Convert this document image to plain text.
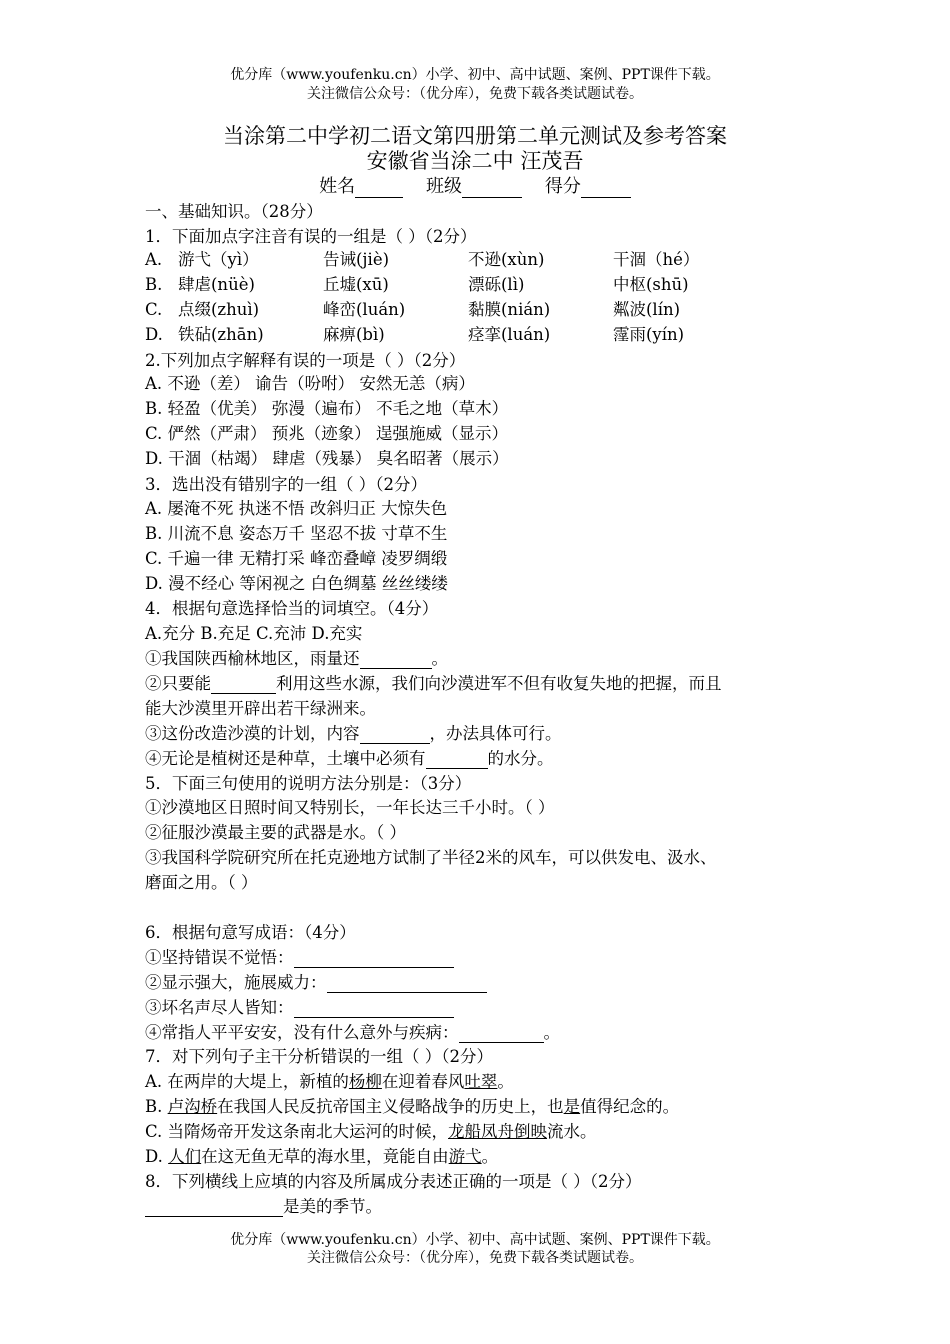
优分库（www.youfenku.cn）小学、初中、高中试题、案例、PPT课件下载。
关注微信公众号：（优分库），免费下载各类试题试卷。
当涂第二中学初二语文第四册第二单元测试及参考答案
安徽省当涂二中 汪茂吾
姓名	班级	得分
一、基础知识。（28分）
1．下面加点字注音有误的一组是（ ）（2分）
A. 游弋（yì）	告诫(jiè)	不逊(xùn)	干涸（hé）
B. 肆虐(nüè)	丘墟(xū)	漂砾(lì)	中枢(shū)
C. 点缀(zhuì)	峰峦(luán)	黏膜(nián)	粼波(lín)
D. 铁砧(zhān)	麻痹(bì)	痉挛(luán)	霪雨(yín)
2.下列加点字解释有误的一项是（ ）（2分）
A. 不逊（差） 谕告（吩咐） 安然无恙（病）
B. 轻盈（优美） 弥漫（遍布） 不毛之地（草木）
C. 俨然（严肃） 预兆（迹象） 逞强施威（显示）
D. 干涸（枯竭） 肆虐（残暴） 臭名昭著（展示）
3．选出没有错别字的一组（ ）（2分）
A. 屡淹不死 执迷不悟 改斜归正 大惊失色
B. 川流不息 姿态万千 坚忍不拔 寸草不生
C. 千遍一律 无精打采 峰峦叠嶂 凌罗绸缎
D. 漫不经心 等闲视之 白色绸墓 丝丝缕缕
4．根据句意选择恰当的词填空。（4分）
A.充分 B.充足 C.充沛 D.充实
①我国陕西榆林地区，雨量还	。
②只要能	利用这些水源，我们向沙漠进军不但有收复失地的把握，而且
能大沙漠里开辟出若干绿洲来。
③这份改造沙漠的计划，内容	，办法具体可行。
④无论是植树还是种草，土壤中必须有	的水分。
5．下面三句使用的说明方法分别是：（3分）
①沙漠地区日照时间又特别长，一年长达三千小时。（ ）
②征服沙漠最主要的武器是水。（ ）
③我国科学院研究所在托克逊地方试制了半径2米的风车，可以供发电、汲水、
磨面之用。（ ）
6．根据句意写成语：（4分）
①坚持错误不觉悟：
②显示强大，施展威力：
③坏名声尽人皆知：
④常指人平平安安，没有什么意外与疾病：	。
7．对下列句子主干分析错误的一组（ ）（2分）
A. 在两岸的大堤上，新植的杨柳在迎着春风吐翠。
B. 卢沟桥在我国人民反抗帝国主义侵略战争的历史上，也是值得纪念的。
C. 当隋炀帝开发这条南北大运河的时候，龙船凤舟倒映流水。
D. 人们在这无鱼无草的海水里，竟能自由游弋。
8．下列横线上应填的内容及所属成分表述正确的一项是（ ）（2分）
是美的季节。
优分库（www.youfenku.cn）小学、初中、高中试题、案例、PPT课件下载。
关注微信公众号：（优分库），免费下载各类试题试卷。
